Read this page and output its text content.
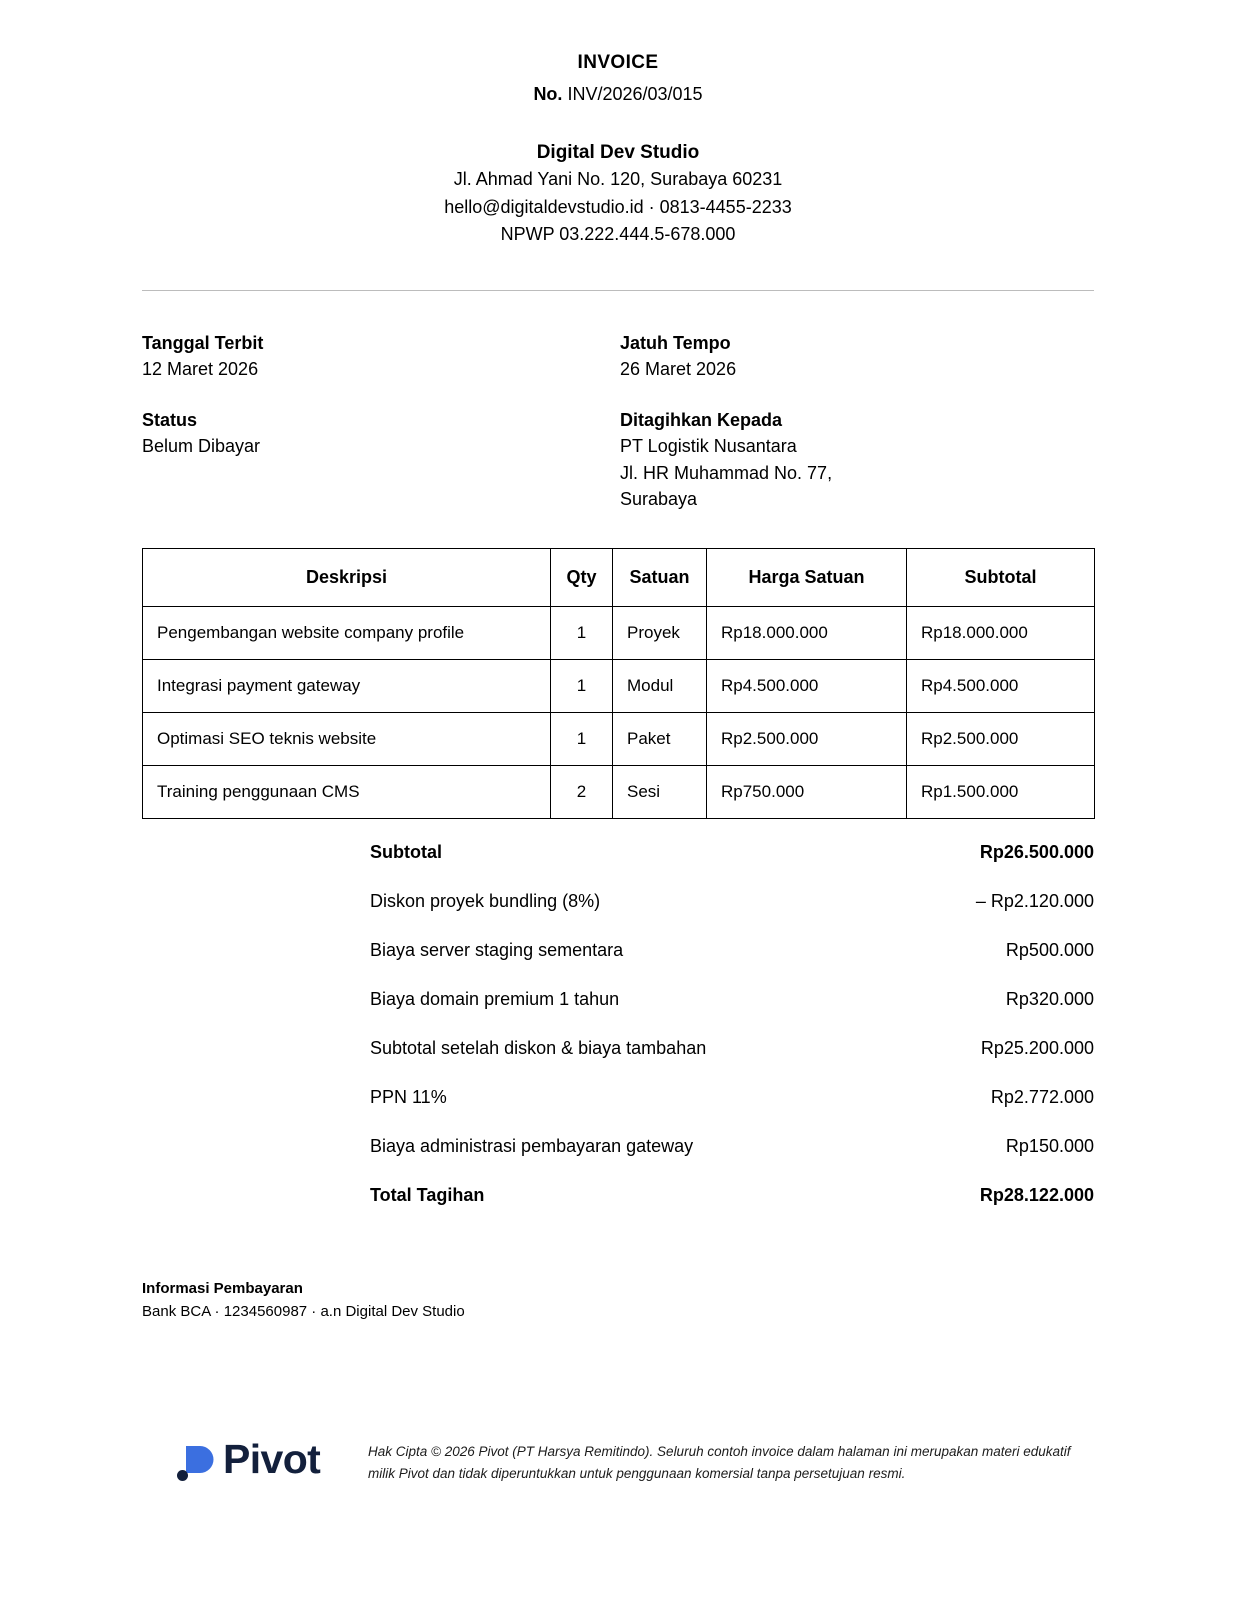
INVOICE
No. INV/2026/03/015
Digital Dev Studio
Jl. Ahmad Yani No. 120, Surabaya 60231
hello@digitaldevstudio.id · 0813-4455-2233
NPWP 03.222.444.5-678.000
Tanggal Terbit
12 Maret 2026
Status
Belum Dibayar
Jatuh Tempo
26 Maret 2026
Ditagihkan Kepada
PT Logistik Nusantara
Jl. HR Muhammad No. 77,
Surabaya
Deskripsi	Qty	Satuan	Harga Satuan	Subtotal
Pengembangan website company profile	1	Proyek	Rp18.000.000	Rp18.000.000
Integrasi payment gateway	1	Modul	Rp4.500.000	Rp4.500.000
Optimasi SEO teknis website	1	Paket	Rp2.500.000	Rp2.500.000
Training penggunaan CMS	2	Sesi	Rp750.000	Rp1.500.000
Subtotal	Rp26.500.000
Diskon proyek bundling (8%)	– Rp2.120.000
Biaya server staging sementara	Rp500.000
Biaya domain premium 1 tahun	Rp320.000
Subtotal setelah diskon & biaya tambahan	Rp25.200.000
PPN 11%	Rp2.772.000
Biaya administrasi pembayaran gateway	Rp150.000
Total Tagihan	Rp28.122.000
Informasi Pembayaran
Bank BCA · 1234560987 · a.n Digital Dev Studio
Pivot	Hak Cipta © 2026 Pivot (PT Harsya Remitindo). Seluruh contoh invoice dalam halaman ini merupakan materi edukatif
milik Pivot dan tidak diperuntukkan untuk penggunaan komersial tanpa persetujuan resmi.
